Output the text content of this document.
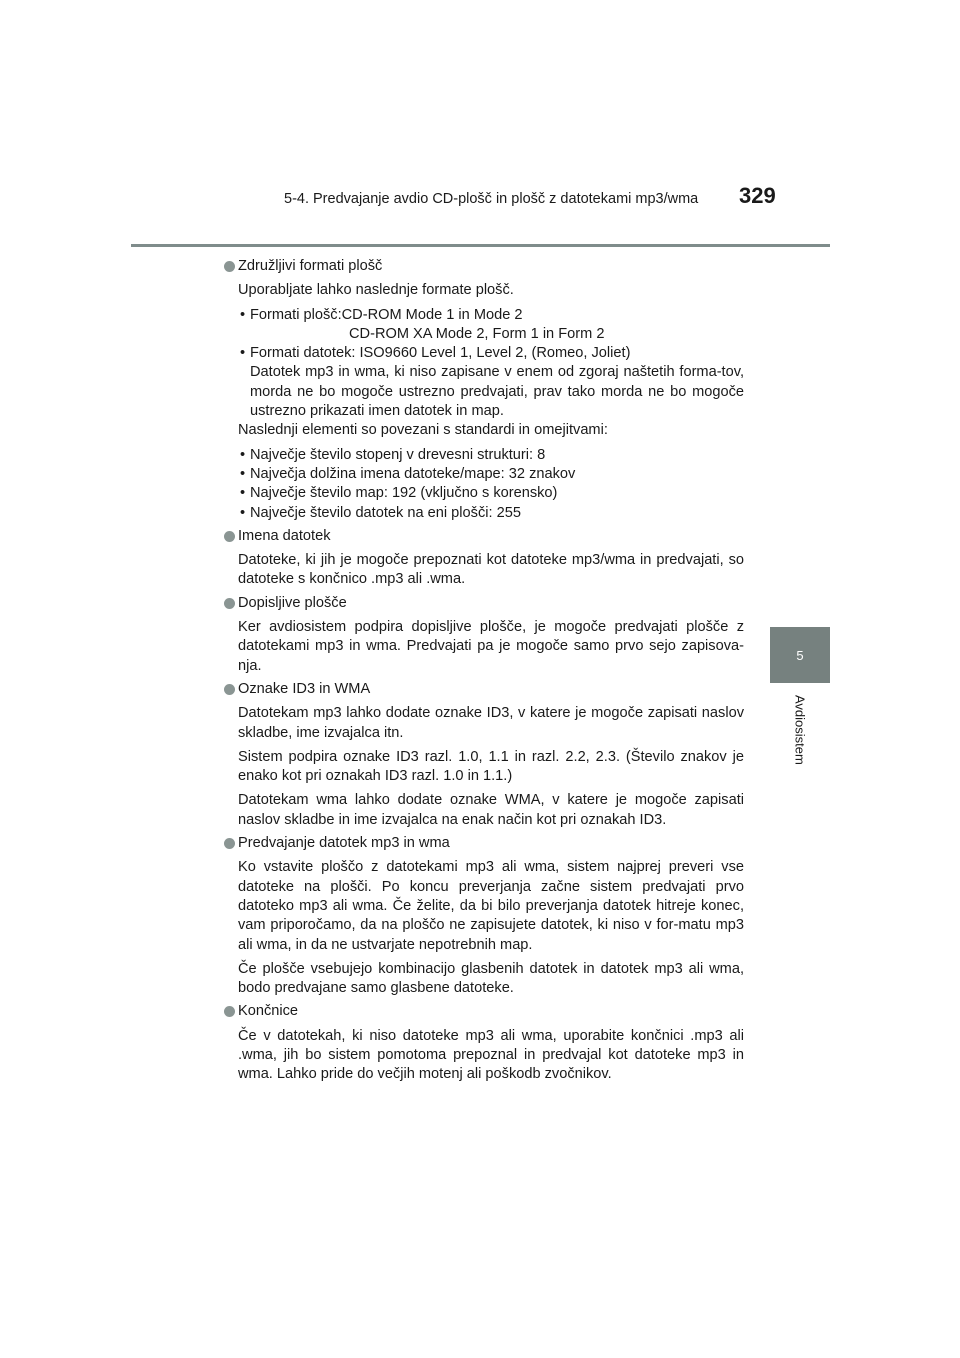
5-4. Predvajanje avdio CD-plošč in plošč z datotekami mp3/wma 329
5
Avdiosistem
Združljivi formati plošč
Uporabljate lahko naslednje formate plošč.
• Formati plošč:CD-ROM Mode 1 in Mode 2
CD-ROM XA Mode 2, Form 1 in Form 2
• Formati datotek: ISO9660 Level 1, Level 2, (Romeo, Joliet)
Datotek mp3 in wma, ki niso zapisane v enem od zgoraj naštetih forma-tov, morda ne bo mogoče ustrezno predvajati, prav tako morda ne bo mogoče ustrezno prikazati imen datotek in map.
Naslednji elementi so povezani s standardi in omejitvami:
• Največje število stopenj v drevesni strukturi: 8
• Največja dolžina imena datoteke/mape: 32 znakov
• Največje število map: 192 (vključno s korensko)
• Največje število datotek na eni plošči: 255
Imena datotek
Datoteke, ki jih je mogoče prepoznati kot datoteke mp3/wma in predvajati, so datoteke s končnico .mp3 ali .wma.
Dopisljive plošče
Ker avdiosistem podpira dopisljive plošče, je mogoče predvajati plošče z datotekami mp3 in wma. Predvajati pa je mogoče samo prvo sejo zapisova-nja.
Oznake ID3 in WMA
Datotekam mp3 lahko dodate oznake ID3, v katere je mogoče zapisati naslov skladbe, ime izvajalca itn.
Sistem podpira oznake ID3 razl. 1.0, 1.1 in razl. 2.2, 2.3. (Število znakov je enako kot pri oznakah ID3 razl. 1.0 in 1.1.)
Datotekam wma lahko dodate oznake WMA, v katere je mogoče zapisati naslov skladbe in ime izvajalca na enak način kot pri oznakah ID3.
Predvajanje datotek mp3 in wma
Ko vstavite ploščo z datotekami mp3 ali wma, sistem najprej preveri vse datoteke na plošči. Po koncu preverjanja začne sistem predvajati prvo datoteko mp3 ali wma. Če želite, da bi bilo preverjanja datotek hitreje konec, vam priporočamo, da na ploščo ne zapisujete datotek, ki niso v for-matu mp3 ali wma, in da ne ustvarjate nepotrebnih map.
Če plošče vsebujejo kombinacijo glasbenih datotek in datotek mp3 ali wma, bodo predvajane samo glasbene datoteke.
Končnice
Če v datotekah, ki niso datoteke mp3 ali wma, uporabite končnici .mp3 ali .wma, jih bo sistem pomotoma prepoznal in predvajal kot datoteke mp3 in wma. Lahko pride do večjih motenj ali poškodb zvočnikov.
